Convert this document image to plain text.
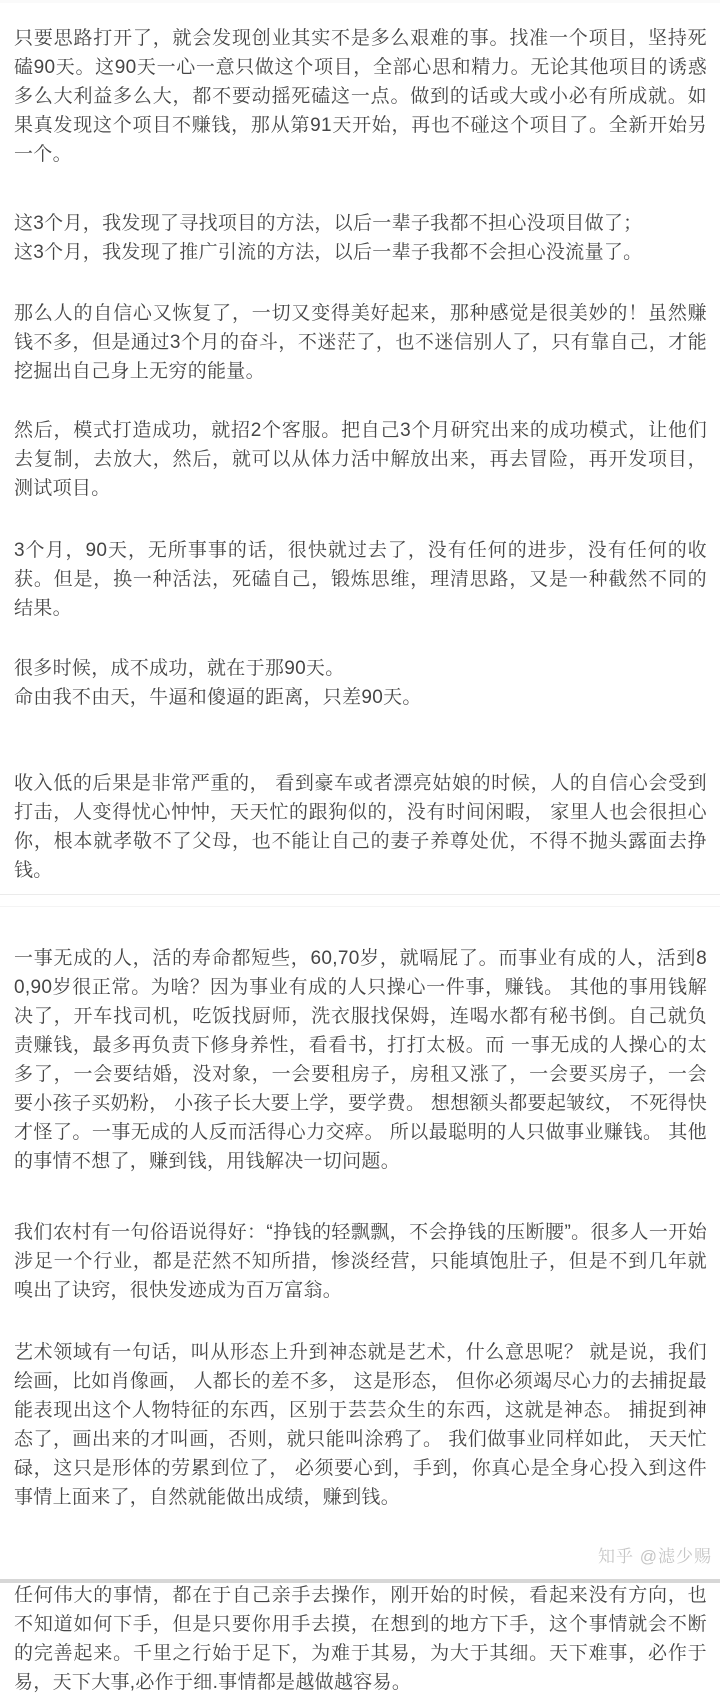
只要思路打开了，就会发现创业其实不是多么艰难的事。找准一个项目，坚持死磕90天。这90天一心一意只做这个项目，全部心思和精力。无论其他项目的诱惑多么大利益多么大，都不要动摇死磕这一点。做到的话或大或小必有所成就。如果真发现这个项目不赚钱，那从第91天开始，再也不碰这个项目了。全新开始另一个。

这3个月，我发现了寻找项目的方法，以后一辈子我都不担心没项目做了；
这3个月，我发现了推广引流的方法，以后一辈子我都不会担心没流量了。

那么人的自信心又恢复了，一切又变得美好起来，那种感觉是很美妙的！虽然赚钱不多，但是通过3个月的奋斗，不迷茫了，也不迷信别人了，只有靠自己，才能挖掘出自己身上无穷的能量。

然后，模式打造成功，就招2个客服。把自己3个月研究出来的成功模式，让他们去复制，去放大，然后，就可以从体力活中解放出来，再去冒险，再开发项目，测试项目。

3个月，90天，无所事事的话，很快就过去了，没有任何的进步，没有任何的收获。但是，换一种活法，死磕自己，锻炼思维，理清思路，又是一种截然不同的结果。

很多时候，成不成功，就在于那90天。
命由我不由天，牛逼和傻逼的距离，只差90天。

收入低的后果是非常严重的， 看到豪车或者漂亮姑娘的时候，人的自信心会受到打击，人变得忧心忡忡，天天忙的跟狗似的，没有时间闲暇， 家里人也会很担心你，根本就孝敬不了父母，也不能让自己的妻子养尊处优，不得不抛头露面去挣钱。

一事无成的人，活的寿命都短些，60,70岁，就嗝屁了。而事业有成的人，活到80,90岁很正常。为啥？因为事业有成的人只操心一件事，赚钱。 其他的事用钱解决了，开车找司机，吃饭找厨师，洗衣服找保姆，连喝水都有秘书倒。自己就负责赚钱，最多再负责下修身养性，看看书，打打太极。而 一事无成的人操心的太多了，一会要结婚，没对象，一会要租房子，房租又涨了，一会要买房子，一会要小孩子买奶粉， 小孩子长大要上学，要学费。 想想额头都要起皱纹， 不死得快才怪了。一事无成的人反而活得心力交瘁。 所以最聪明的人只做事业赚钱。 其他的事情不想了，赚到钱，用钱解决一切问题。

我们农村有一句俗语说得好：“挣钱的轻飘飘，不会挣钱的压断腰”。很多人一开始涉足一个行业，都是茫然不知所措，惨淡经营，只能填饱肚子，但是不到几年就嗅出了诀窍，很快发迹成为百万富翁。

艺术领域有一句话，叫从形态上升到神态就是艺术，什么意思呢？ 就是说，我们绘画，比如肖像画， 人都长的差不多， 这是形态， 但你必须竭尽心力的去捕捉最能表现出这个人物特征的东西，区别于芸芸众生的东西，这就是神态。 捕捉到神态了，画出来的才叫画，否则，就只能叫涂鸦了。 我们做事业同样如此， 天天忙碌，这只是形体的劳累到位了， 必须要心到，手到，你真心是全身心投入到这件事情上面来了，自然就能做出成绩，赚到钱。

任何伟大的事情，都在于自己亲手去操作，刚开始的时候，看起来没有方向，也不知道如何下手，但是只要你用手去摸，在想到的地方下手，这个事情就会不断的完善起来。千里之行始于足下，为难于其易，为大于其细。天下难事，必作于易，天下大事,必作于细.事情都是越做越容易。

知乎 @滤少赐
